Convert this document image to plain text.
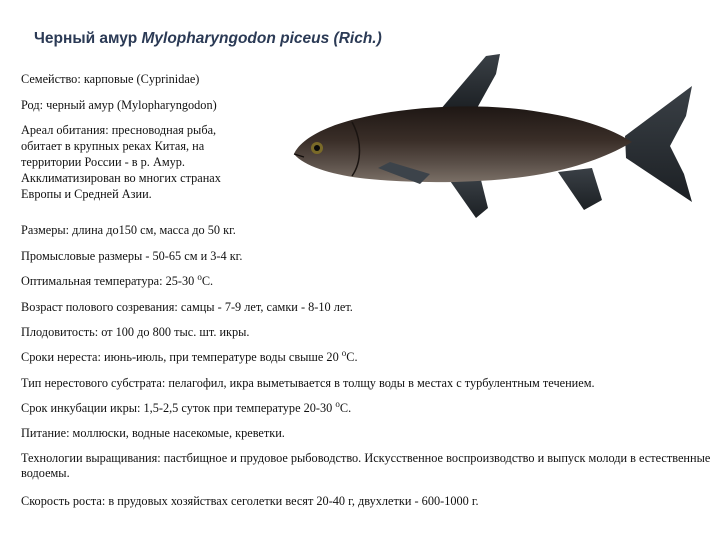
Черный амур Mylopharyngodon piceus (Rich.)
Семейство: карповые (Cyprinidae)
Род: черный амур (Mylopharyngodon)
Ареал обитания: пресноводная рыба,
обитает в крупных реках Китая, на
территории России - в р. Амур.
Акклиматизирован во многих странах
Европы и Средней Азии.
Размеры: длина до150 см, масса до 50 кг.
Промысловые размеры - 50-65 см и 3-4 кг.
Оптимальная температура: 25-30 $^о$С.
Возраст полового созревания: самцы - 7-9 лет, самки - 8-10 лет.
Плодовитость: от 100 до 800 тыс. шт. икры.
Сроки нереста: июнь-июль, при температуре воды свыше 20 $^о$С.
Тип нерестового субстрата: пелагофил, икра выметывается в толщу воды в местах с турбулентным течением.
Срок инкубации икры: 1,5-2,5 суток при температуре 20-30 $^о$С.
Питание: моллюски, водные насекомые, креветки.
Технологии выращивания: пастбищное и прудовое рыбоводство. Искусственное воспроизводство и выпуск молоди в естественные водоемы.
Скорость роста: в прудовых хозяйствах сеголетки весят 20-40 г, двухлетки - 600-1000 г.
